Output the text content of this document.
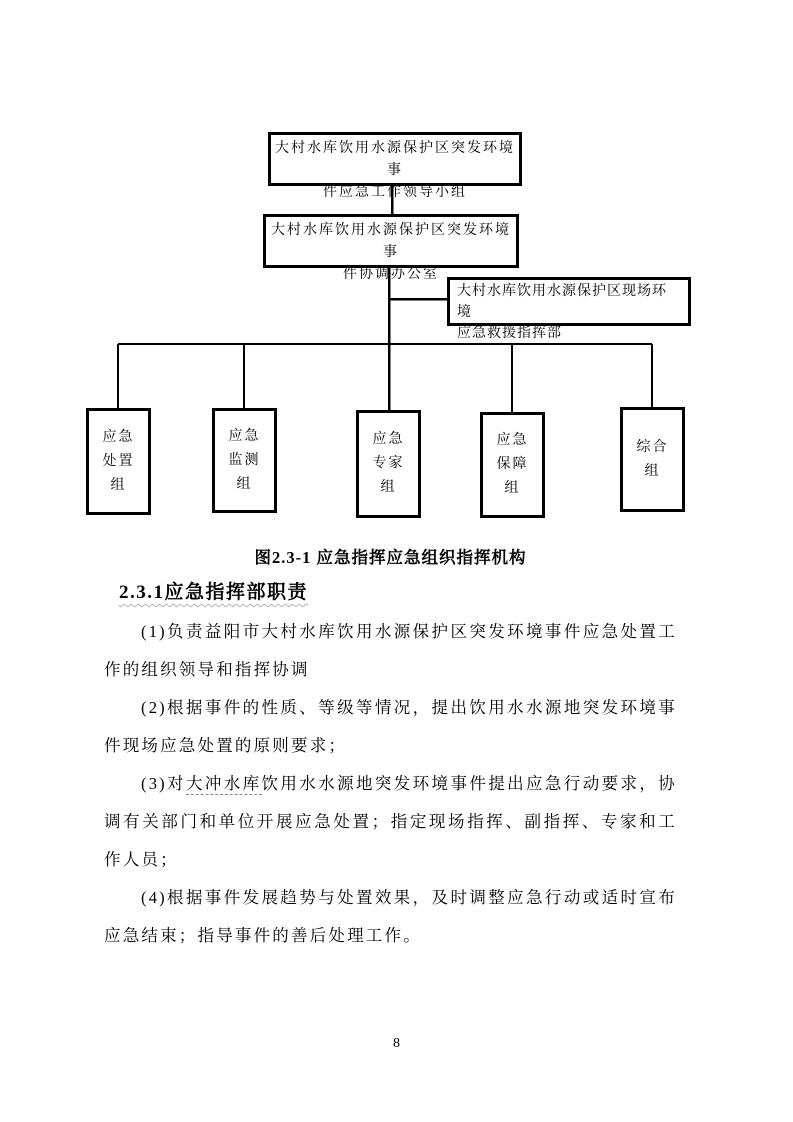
大村水库饮用水源保护区突发环境事
件应急工作领导小组
大村水库饮用水源保护区突发环境事
件协调办公室
大村水库饮用水源保护区现场环境
应急救援指挥部
应急
处置
组
应急
监测
组
应急
专家
组
应急
保障
组
综合
组
图2.3-1 应急指挥应急组织指挥机构
2.3.1应急指挥部职责

(1)负责益阳市大村水库饮用水源保护区突发环境事件应急处置工作的组织领导和指挥协调

(2)根据事件的性质、等级等情况，提出饮用水水源地突发环境事件现场应急处置的原则要求；

(3)对大冲水库饮用水水源地突发环境事件提出应急行动要求，协调有关部门和单位开展应急处置；指定现场指挥、副指挥、专家和工作人员；

(4)根据事件发展趋势与处置效果，及时调整应急行动或适时宣布应急结束；指导事件的善后处理工作。

8
